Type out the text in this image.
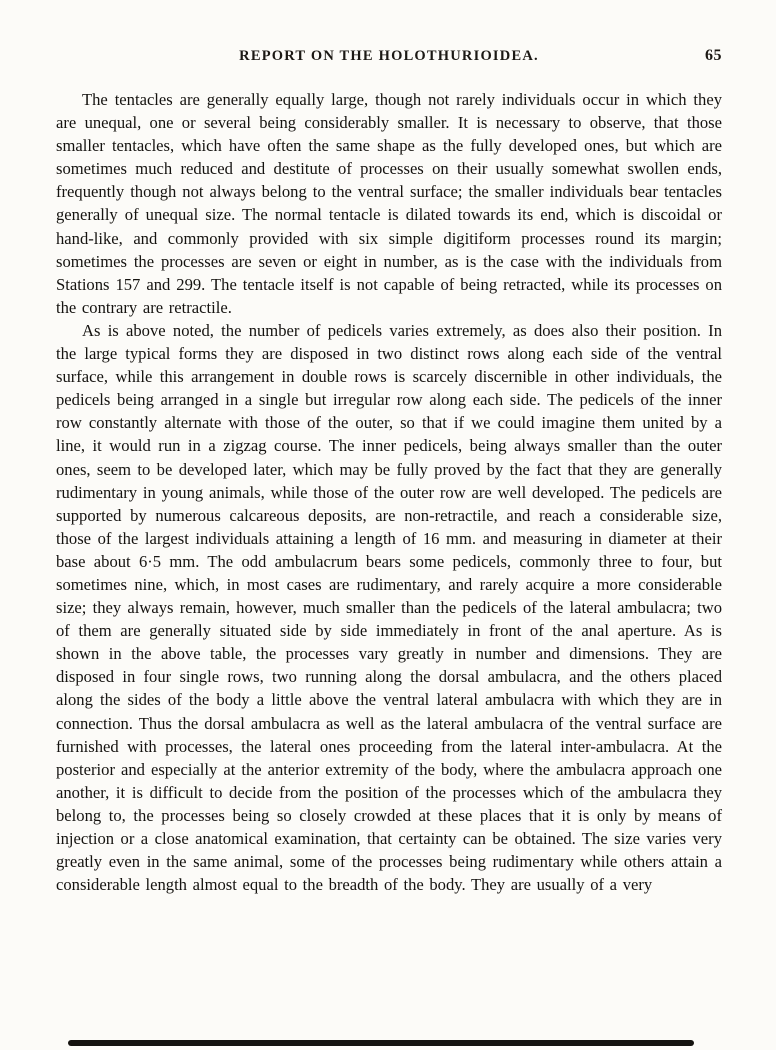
REPORT ON THE HOLOTHURIOIDEA.	65

The tentacles are generally equally large, though not rarely individuals occur in which they are unequal, one or several being considerably smaller. It is necessary to observe, that those smaller tentacles, which have often the same shape as the fully developed ones, but which are sometimes much reduced and destitute of processes on their usually somewhat swollen ends, frequently though not always belong to the ventral surface; the smaller individuals bear tentacles generally of unequal size. The normal tentacle is dilated towards its end, which is discoidal or hand-like, and commonly provided with six simple digitiform processes round its margin; sometimes the processes are seven or eight in number, as is the case with the individuals from Stations 157 and 299. The tentacle itself is not capable of being retracted, while its processes on the contrary are retractile.

As is above noted, the number of pedicels varies extremely, as does also their position. In the large typical forms they are disposed in two distinct rows along each side of the ventral surface, while this arrangement in double rows is scarcely discernible in other individuals, the pedicels being arranged in a single but irregular row along each side. The pedicels of the inner row constantly alternate with those of the outer, so that if we could imagine them united by a line, it would run in a zigzag course. The inner pedicels, being always smaller than the outer ones, seem to be developed later, which may be fully proved by the fact that they are generally rudimentary in young animals, while those of the outer row are well developed. The pedicels are supported by numerous calcareous deposits, are non-retractile, and reach a considerable size, those of the largest individuals attaining a length of 16 mm. and measuring in diameter at their base about 6·5 mm. The odd ambulacrum bears some pedicels, commonly three to four, but sometimes nine, which, in most cases are rudimentary, and rarely acquire a more considerable size; they always remain, however, much smaller than the pedicels of the lateral ambulacra; two of them are generally situated side by side immediately in front of the anal aperture. As is shown in the above table, the processes vary greatly in number and dimensions. They are disposed in four single rows, two running along the dorsal ambulacra, and the others placed along the sides of the body a little above the ventral lateral ambulacra with which they are in connection. Thus the dorsal ambulacra as well as the lateral ambulacra of the ventral surface are furnished with processes, the lateral ones proceeding from the lateral inter-ambulacra. At the posterior and especially at the anterior extremity of the body, where the ambulacra approach one another, it is difficult to decide from the position of the processes which of the ambulacra they belong to, the processes being so closely crowded at these places that it is only by means of injection or a close anatomical examination, that certainty can be obtained. The size varies very greatly even in the same animal, some of the processes being rudimentary while others attain a considerable length almost equal to the breadth of the body. They are usually of a very
